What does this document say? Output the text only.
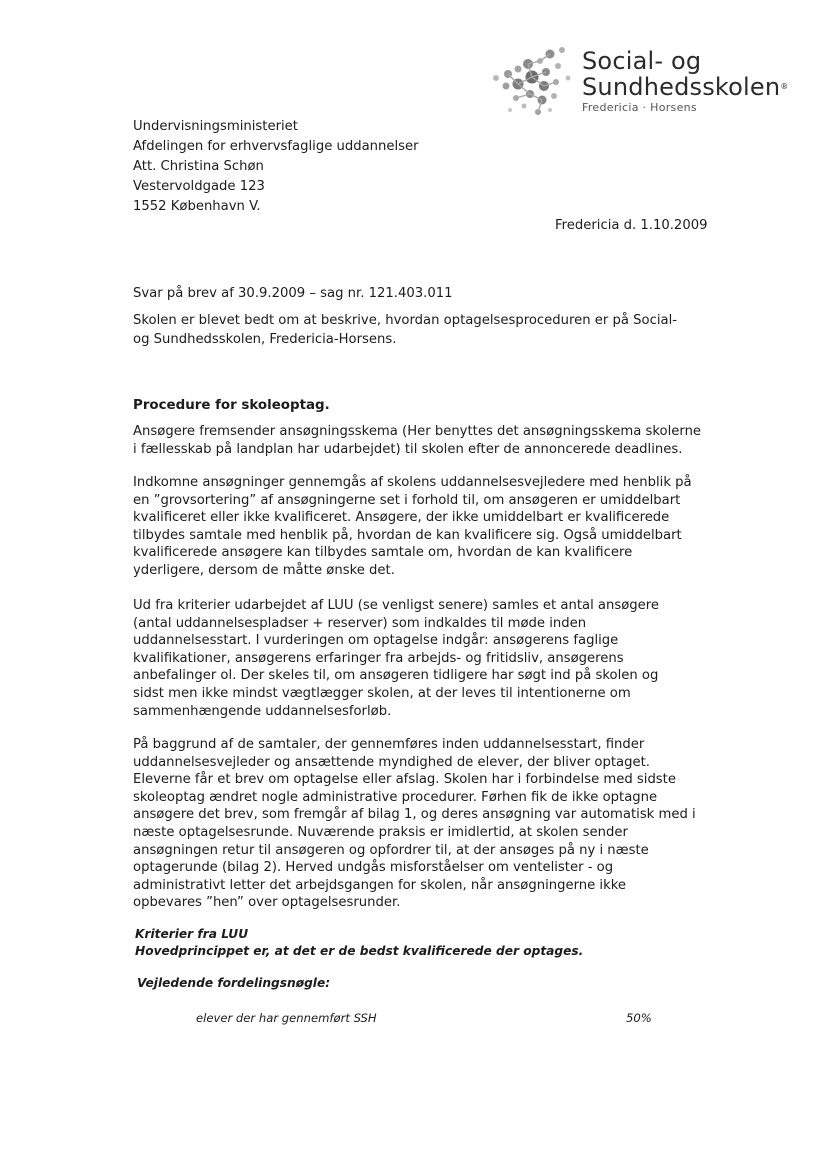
Social- og
Sundhedsskolen®
Fredericia · Horsens
Undervisningsministeriet
Afdelingen for erhvervsfaglige uddannelser
Att. Christina Schøn
Vestervoldgade 123
1552 København V.
Fredericia d. 1.10.2009
Svar på brev af 30.9.2009 – sag nr. 121.403.011
Skolen er blevet bedt om at beskrive, hvordan optagelsesproceduren er på Social-
og Sundhedsskolen, Fredericia-Horsens.
Procedure for skoleoptag.
Ansøgere fremsender ansøgningsskema (Her benyttes det ansøgningsskema skolerne
i fællesskab på landplan har udarbejdet) til skolen efter de annoncerede deadlines.
Indkomne ansøgninger gennemgås af skolens uddannelsesvejledere med henblik på
en ”grovsortering” af ansøgningerne set i forhold til, om ansøgeren er umiddelbart
kvalificeret eller ikke kvalificeret. Ansøgere, der ikke umiddelbart er kvalificerede
tilbydes samtale med henblik på, hvordan de kan kvalificere sig. Også umiddelbart
kvalificerede ansøgere kan tilbydes samtale om, hvordan de kan kvalificere
yderligere, dersom de måtte ønske det.
Ud fra kriterier udarbejdet af LUU (se venligst senere) samles et antal ansøgere
(antal uddannelsespladser + reserver) som indkaldes til møde inden
uddannelsesstart. I vurderingen om optagelse indgår: ansøgerens faglige
kvalifikationer, ansøgerens erfaringer fra arbejds- og fritidsliv, ansøgerens
anbefalinger ol. Der skeles til, om ansøgeren tidligere har søgt ind på skolen og
sidst men ikke mindst vægtlægger skolen, at der leves til intentionerne om
sammenhængende uddannelsesforløb.
På baggrund af de samtaler, der gennemføres inden uddannelsesstart, finder
uddannelsesvejleder og ansættende myndighed de elever, der bliver optaget.
Eleverne får et brev om optagelse eller afslag. Skolen har i forbindelse med sidste
skoleoptag ændret nogle administrative procedurer. Førhen fik de ikke optagne
ansøgere det brev, som fremgår af bilag 1, og deres ansøgning var automatisk med i
næste optagelsesrunde. Nuværende praksis er imidlertid, at skolen sender
ansøgningen retur til ansøgeren og opfordrer til, at der ansøges på ny i næste
optagerunde (bilag 2). Herved undgås misforståelser om ventelister - og
administrativt letter det arbejdsgangen for skolen, når ansøgningerne ikke
opbevares ”hen” over optagelsesrunder.
Kriterier fra LUU
Hovedprincippet er, at det er de bedst kvalificerede der optages.
Vejledende fordelingsnøgle:
elever der har gennemført SSH	50%
